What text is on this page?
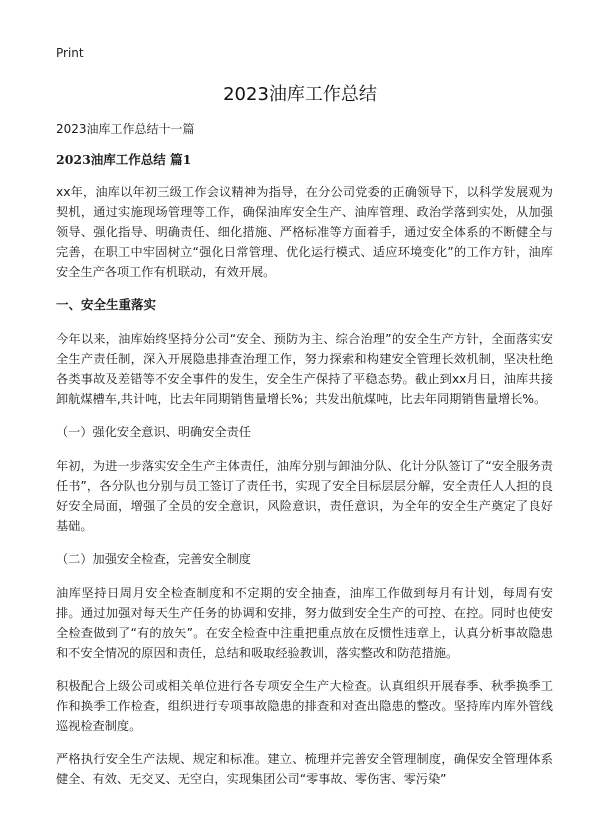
Print
2023油库工作总结
2023油库工作总结十一篇
2023油库工作总结 篇1

xx年，油库以年初三级工作会议精神为指导，在分公司党委的正确领导下，以科学发展观为契机，通过实施现场管理等工作，确保油库安全生产、油库管理、政治学落到实处，从加强领导、强化指导、明确责任、细化措施、严格标准等方面着手，通过安全体系的不断健全与完善，在职工中牢固树立“强化日常管理、优化运行模式、适应环境变化”的工作方针，油库安全生产各项工作有机联动，有效开展。

一、安全生重落实

今年以来，油库始终坚持分公司“安全、预防为主、综合治理”的安全生产方针，全面落实安全生产责任制，深入开展隐患排查治理工作，努力探索和构建安全管理长效机制，坚决杜绝各类事故及差错等不安全事件的发生，安全生产保持了平稳态势。截止到xx月日，油库共接卸航煤槽车,共计吨，比去年同期销售量增长%；共发出航煤吨，比去年同期销售量增长%。

（一）强化安全意识、明确安全责任

年初，为进一步落实安全生产主体责任，油库分别与卸油分队、化计分队签订了“安全服务责任书”，各分队也分别与员工签订了责任书，实现了安全目标层层分解，安全责任人人担的良好安全局面，增强了全员的安全意识，风险意识，责任意识，为全年的安全生产奠定了良好基础。

（二）加强安全检查，完善安全制度

油库坚持日周月安全检查制度和不定期的安全抽查，油库工作做到每月有计划，每周有安排。通过加强对每天生产任务的协调和安排，努力做到安全生产的可控、在控。同时也使安全检查做到了“有的放矢”。在安全检查中注重把重点放在反惯性违章上，认真分析事故隐患和不安全情况的原因和责任，总结和吸取经验教训，落实整改和防范措施。

积极配合上级公司或相关单位进行各专项安全生产大检查。认真组织开展春季、秋季换季工作和换季工作检查，组织进行专项事故隐患的排查和对查出隐患的整改。坚持库内库外管线巡视检查制度。

严格执行安全生产法规、规定和标准。建立、梳理并完善安全管理制度，确保安全管理体系健全、有效、无交叉、无空白，实现集团公司“零事故、零伤害、零污染”
